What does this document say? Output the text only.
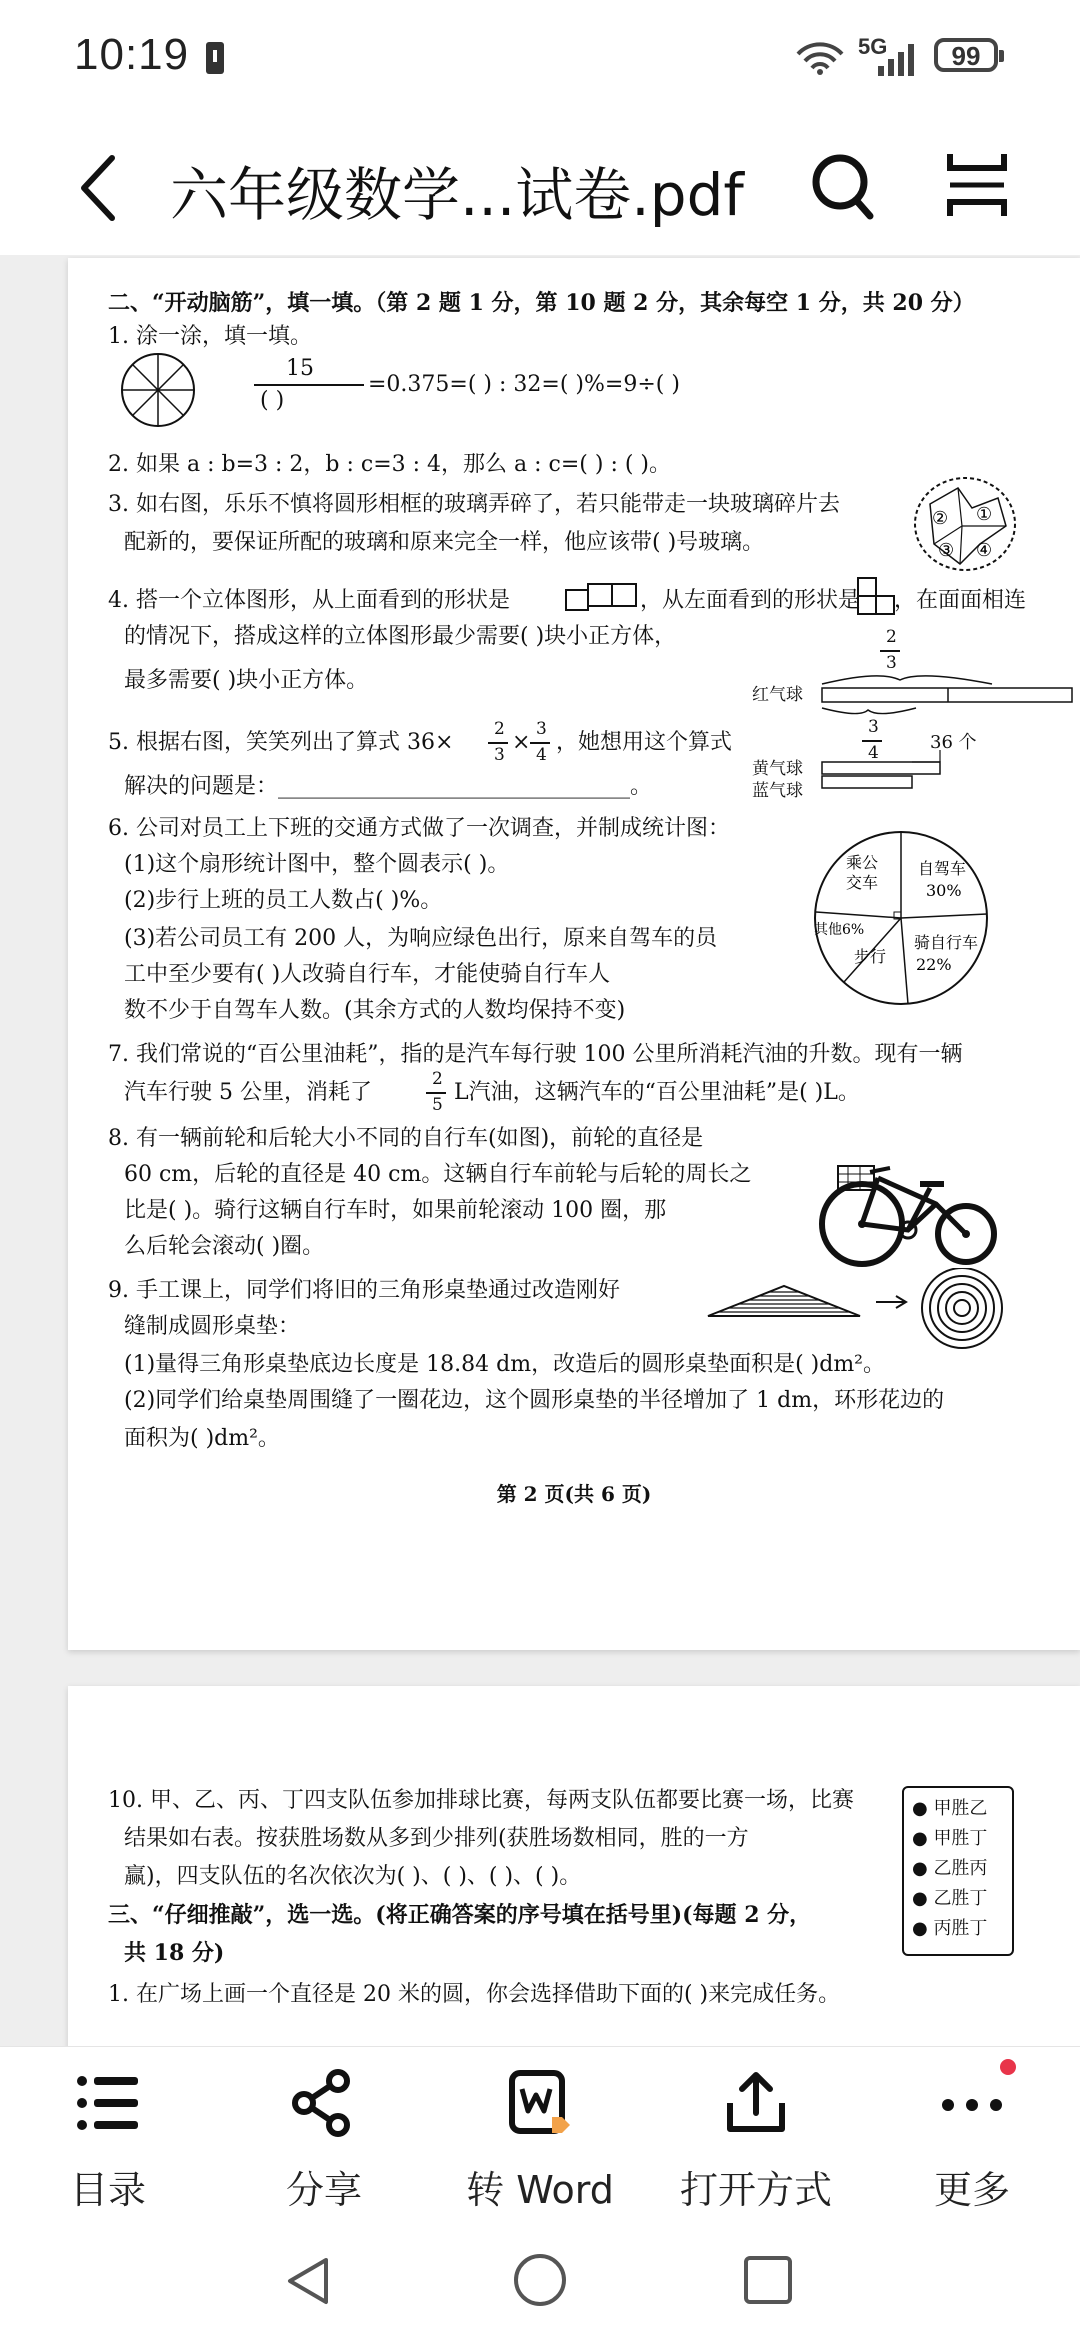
10:19	5G	99
六年级数学...试卷.pdf
二、“开动脑筋”，填一填。（第 2 题 1 分，第 10 题 2 分，其余每空 1 分，共 20 分）
1. 涂一涂，填一填。
15
( )
=0.375=( ) : 32=( )%=9÷( )
2. 如果 a : b=3 : 2，b : c=3 : 4，那么 a : c=( ) : ( )。
3. 如右图，乐乐不慎将圆形相框的玻璃弄碎了，若只能带走一块玻璃碎片去
配新的，要保证所配的玻璃和原来完全一样，他应该带( )号玻璃。
② ①
③ ④
4. 搭一个立体图形，从上面看到的形状是	，从左面看到的形状是 ，在面面相连
的情况下，搭成这样的立体图形最少需要( )块小正方体，
最多需要( )块小正方体。
2
3
红气球
3
4	36 个
黄气球
蓝气球
5. 根据右图，笑笑列出了算式 36×
2
3 ×
3
4 ，她想用这个算式
解决的问题是：________________________________。
6. 公司对员工上下班的交通方式做了一次调查，并制成统计图：
(1)这个扇形统计图中，整个圆表示( )。
(2)步行上班的员工人数占( )%。
(3)若公司员工有 200 人，为响应绿色出行，原来自驾车的员
工中至少要有( )人改骑自行车，才能使骑自行车人
数不少于自驾车人数。(其余方式的人数均保持不变)
乘公
交车
自驾车
30%
骑自行车
22%
步行
其他6%
7. 我们常说的“百公里油耗”，指的是汽车每行驶 100 公里所消耗汽油的升数。现有一辆
汽车行驶 5 公里，消耗了
2
5 L汽油，这辆汽车的“百公里油耗”是( )L。
8. 有一辆前轮和后轮大小不同的自行车(如图)，前轮的直径是
60 cm，后轮的直径是 40 cm。这辆自行车前轮与后轮的周长之
比是( )。骑行这辆自行车时，如果前轮滚动 100 圈，那
么后轮会滚动( )圈。
9. 手工课上，同学们将旧的三角形桌垫通过改造刚好
缝制成圆形桌垫：
(1)量得三角形桌垫底边长度是 18.84 dm，改造后的圆形桌垫面积是( )dm²。
(2)同学们给桌垫周围缝了一圈花边，这个圆形桌垫的半径增加了 1 dm，环形花边的
面积为( )dm²。
第 2 页(共 6 页)
10. 甲、乙、丙、丁四支队伍参加排球比赛，每两支队伍都要比赛一场，比赛
结果如右表。按获胜场数从多到少排列(获胜场数相同，胜的一方
赢)，四支队伍的名次依次为( )、( )、( )、( )。
三、“仔细推敲”，选一选。(将正确答案的序号填在括号里)(每题 2 分，
共 18 分)
1. 在广场上画一个直径是 20 米的圆，你会选择借助下面的( )来完成任务。
● 甲胜乙
● 甲胜丁
● 乙胜丙
● 乙胜丁
● 丙胜丁
目录	分享	转 Word	打开方式	更多
